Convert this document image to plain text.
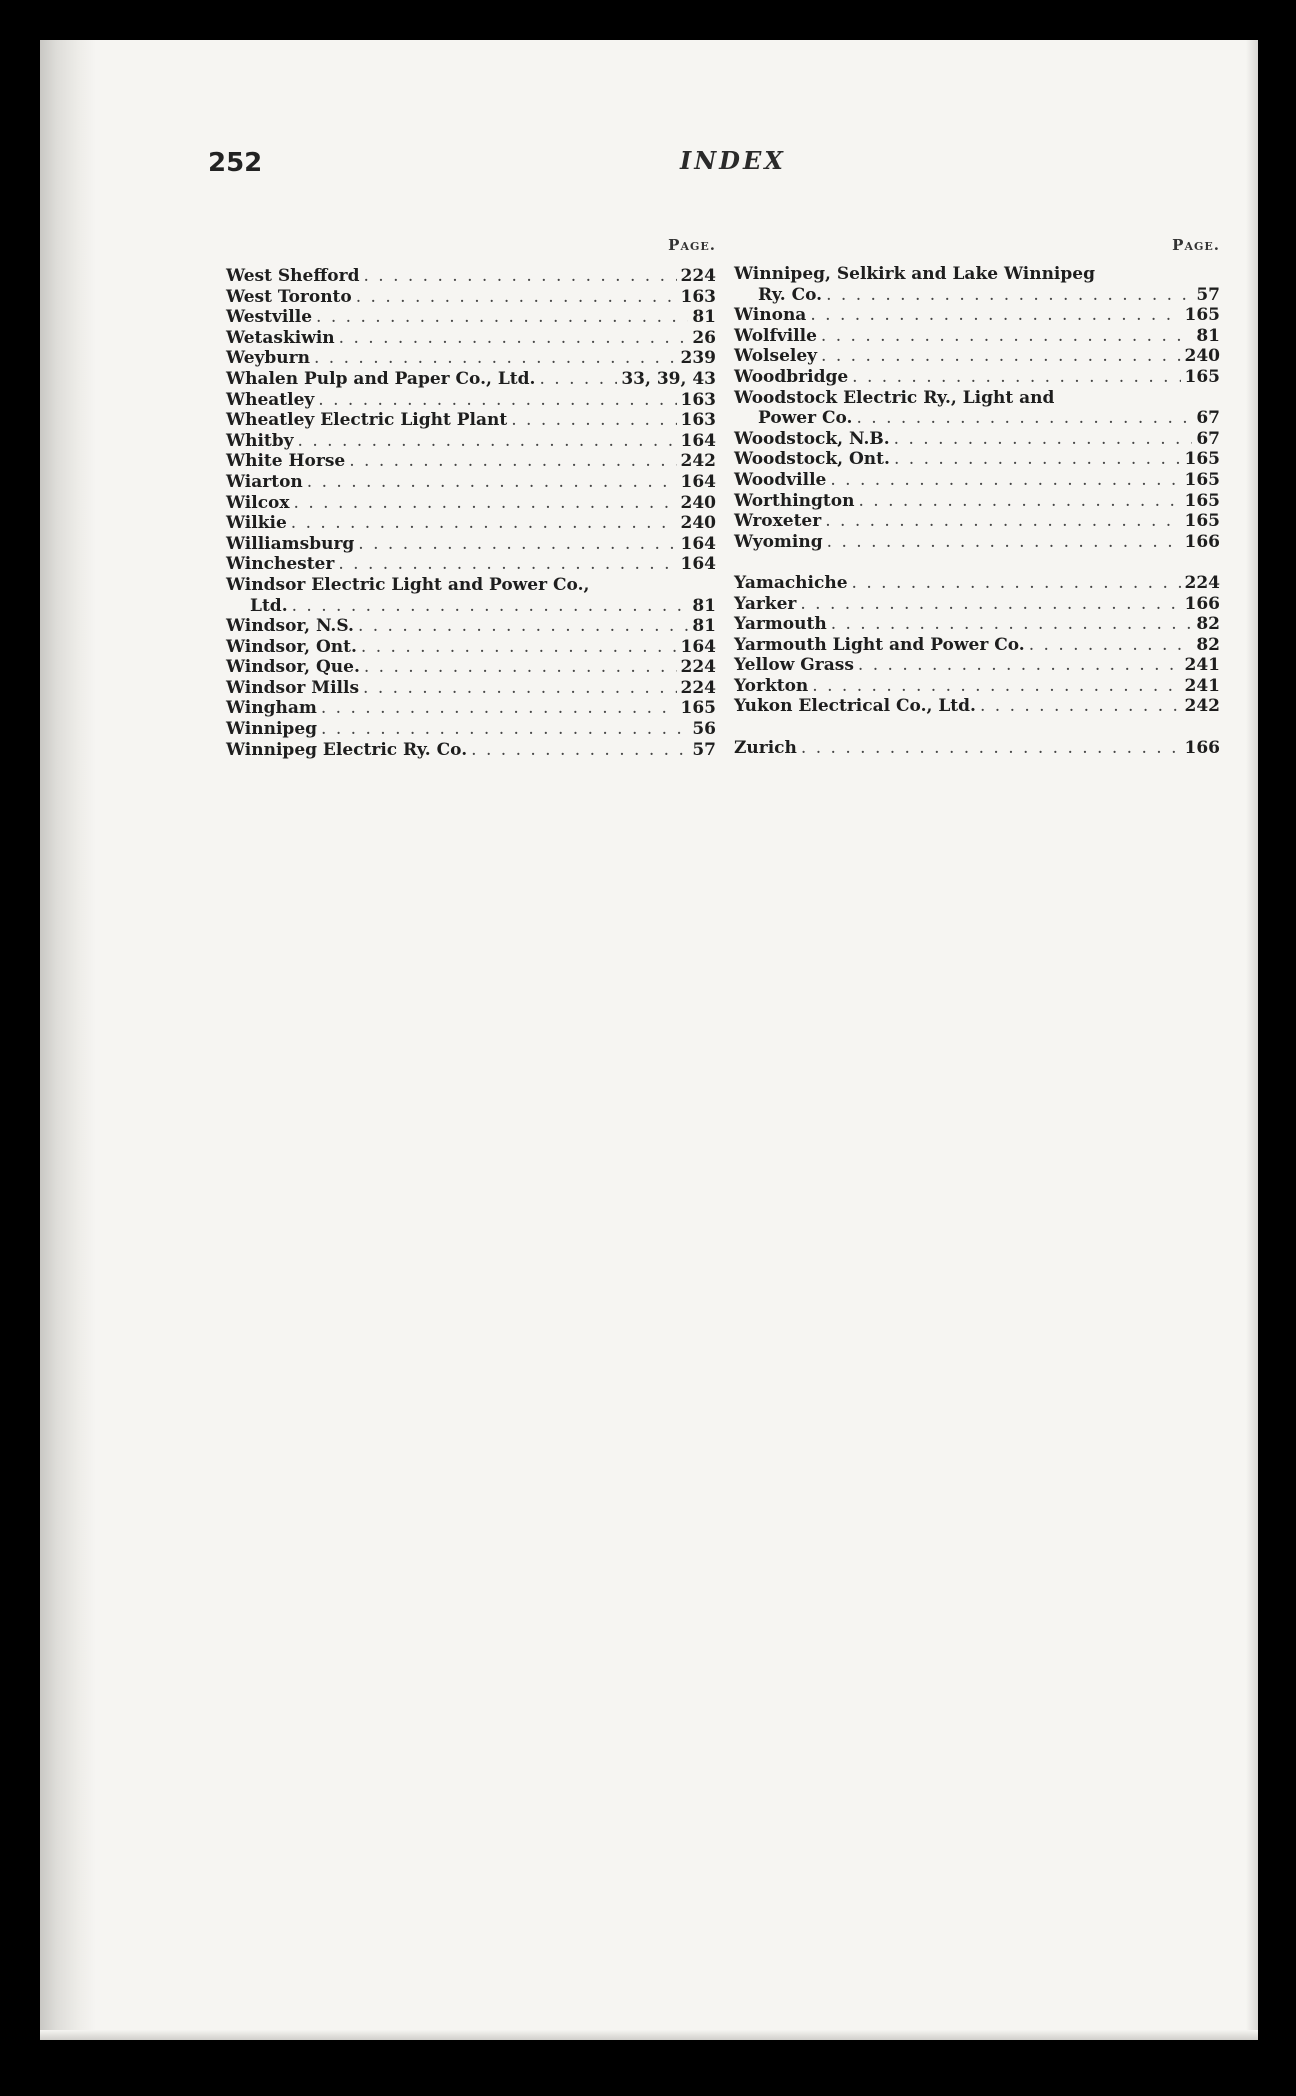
252	INDEX
Page.
West Shefford . . .	224
West Toronto . . .	163
Westville . . .	81
Wetaskiwin . . .	26
Weyburn . . .	239
Whalen Pulp and Paper Co., Ltd. . . .	33, 39, 43
Wheatley . . .	163
Wheatley Electric Light Plant . . .	163
Whitby . . .	164
White Horse . . .	242
Wiarton . . .	164
Wilcox . . .	240
Wilkie . . .	240
Williamsburg . . .	164
Winchester . . .	164
Windsor Electric Light and Power Co.,
Ltd. . . .	81
Windsor, N.S. . . .	81
Windsor, Ont. . . .	164
Windsor, Que. . . .	224
Windsor Mills . . .	224
Wingham . . .	165
Winnipeg . . .	56
Winnipeg Electric Ry. Co. . . .	57
Page.
Winnipeg, Selkirk and Lake Winnipeg
Ry. Co. . . .	57
Winona . . .	165
Wolfville . . .	81
Wolseley . . .	240
Woodbridge . . .	165
Woodstock Electric Ry., Light and
Power Co. . . .	67
Woodstock, N.B. . . .	67
Woodstock, Ont. . . .	165
Woodville . . .	165
Worthington . . .	165
Wroxeter . . .	165
Wyoming . . .	166
Yamachiche . . .	224
Yarker . . .	166
Yarmouth . . .	82
Yarmouth Light and Power Co. . . .	82
Yellow Grass . . .	241
Yorkton . . .	241
Yukon Electrical Co., Ltd. . . .	242
Zurich . . .	166
